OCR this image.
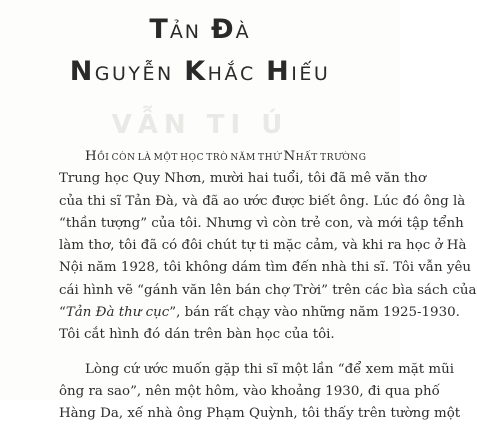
TẢN ĐÀ
NGUYỄN KHẮC HIẾU
VẪN TI Ú

Hồi còn là một học trò năm thứ Nhất trường
Trung học Quy Nhơn, mười hai tuổi, tôi đã mê văn thơ
của thi sĩ Tản Đà, và đã ao ước được biết ông. Lúc đó ông là
“thần tượng” của tôi. Nhưng vì còn trẻ con, và mới tập tểnh
làm thơ, tôi đã có đôi chút tự ti mặc cảm, và khi ra học ở Hà
Nội năm 1928, tôi không dám tìm đến nhà thi sĩ. Tôi vẫn yêu
cái hình vẽ “gánh văn lên bán chợ Trời” trên các bìa sách của
“Tản Đà thư cục”, bán rất chạy vào những năm 1925-1930.
Tôi cắt hình đó dán trên bàn học của tôi.

Lòng cứ ước muốn gặp thi sĩ một lần “để xem mặt mũi
ông ra sao”, nên một hôm, vào khoảng 1930, đi qua phố
Hàng Da, xế nhà ông Phạm Quỳnh, tôi thấy trên tường một
